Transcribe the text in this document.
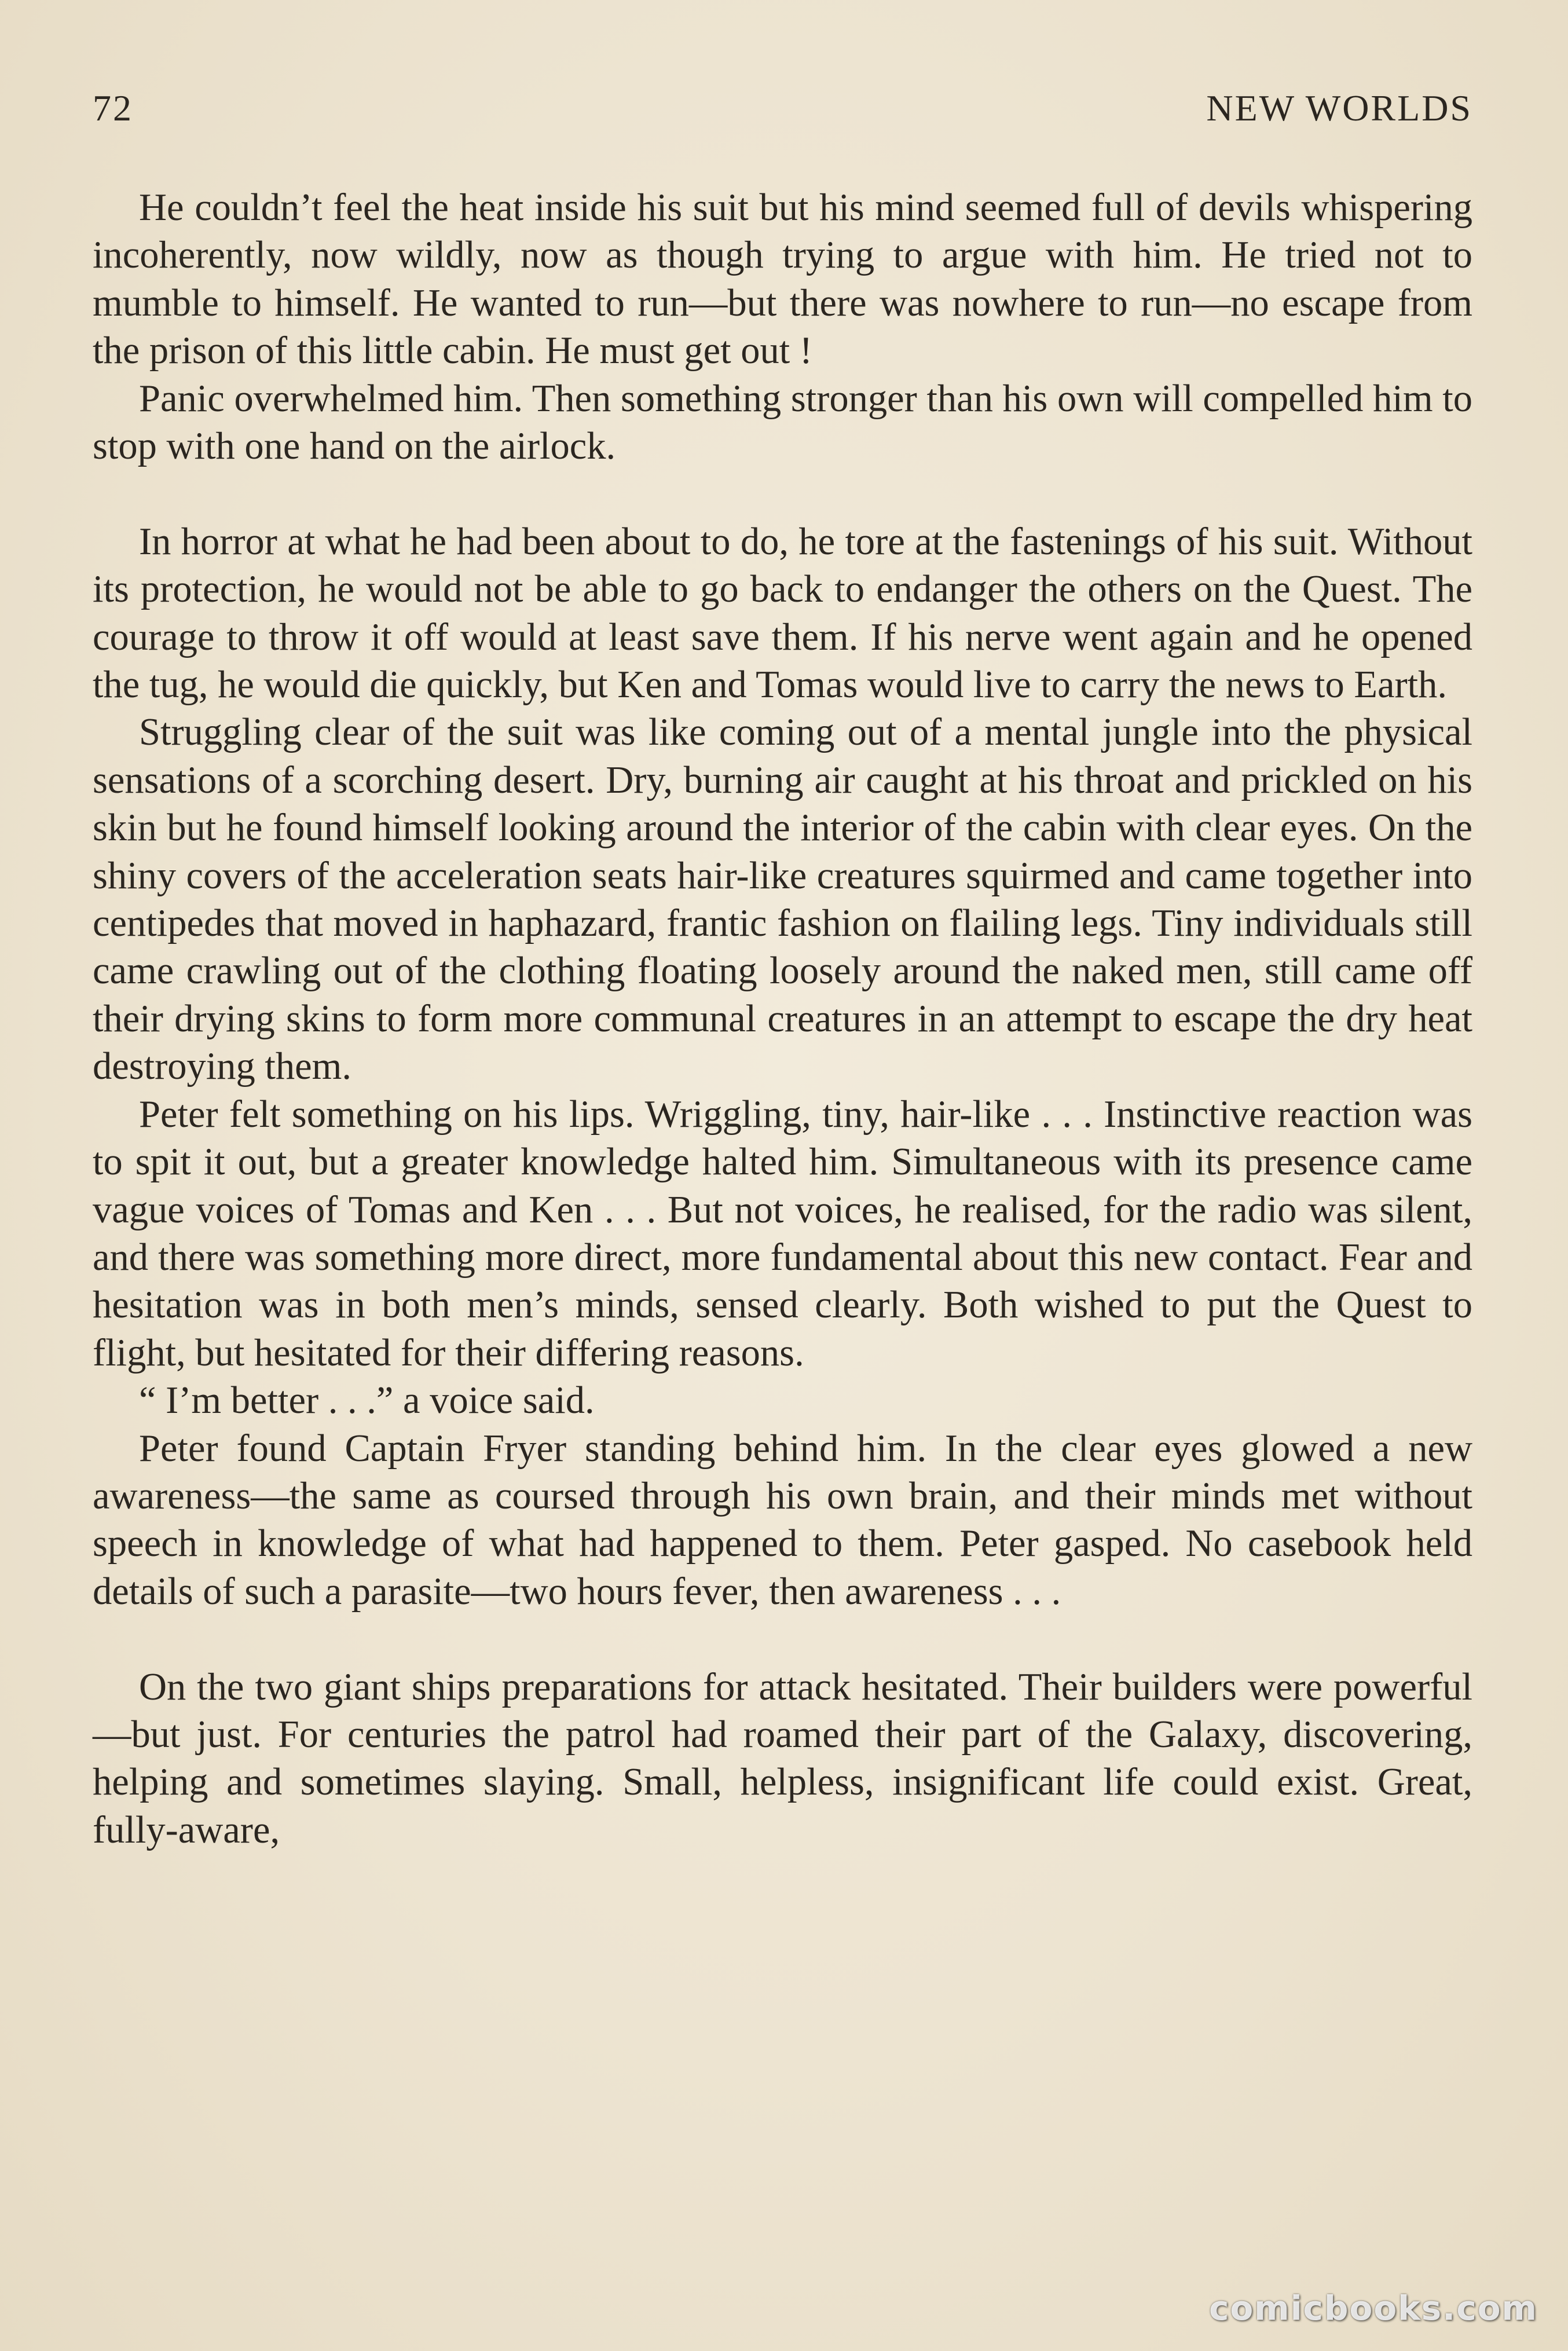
72	NEW WORLDS

He couldn’t feel the heat inside his suit but his mind seemed full of devils whispering incoherently, now wildly, now as though trying to argue with him. He tried not to mumble to himself. He wanted to run—but there was nowhere to run—no escape from the prison of this little cabin. He must get out !

Panic overwhelmed him. Then something stronger than his own will compelled him to stop with one hand on the airlock.

In horror at what he had been about to do, he tore at the fastenings of his suit. Without its protection, he would not be able to go back to endanger the others on the Quest. The courage to throw it off would at least save them. If his nerve went again and he opened the tug, he would die quickly, but Ken and Tomas would live to carry the news to Earth.

Struggling clear of the suit was like coming out of a mental jungle into the physical sensations of a scorching desert. Dry, burning air caught at his throat and prickled on his skin but he found himself looking around the interior of the cabin with clear eyes. On the shiny covers of the acceleration seats hair-like creatures squirmed and came together into centipedes that moved in haphazard, frantic fashion on flailing legs. Tiny individuals still came crawling out of the clothing floating loosely around the naked men, still came off their drying skins to form more communal creatures in an attempt to escape the dry heat destroying them.

Peter felt something on his lips. Wriggling, tiny, hair-like . . . Instinctive reaction was to spit it out, but a greater knowledge halted him. Simultaneous with its presence came vague voices of Tomas and Ken . . . But not voices, he realised, for the radio was silent, and there was something more direct, more fundamental about this new contact. Fear and hesitation was in both men’s minds, sensed clearly. Both wished to put the Quest to flight, but hesitated for their differing reasons.

“ I’m better . . .” a voice said.

Peter found Captain Fryer standing behind him. In the clear eyes glowed a new awareness—the same as coursed through his own brain, and their minds met without speech in knowledge of what had happened to them. Peter gasped. No casebook held details of such a parasite—two hours fever, then awareness . . .

On the two giant ships preparations for attack hesitated. Their builders were powerful—but just. For centuries the patrol had roamed their part of the Galaxy, discovering, helping and sometimes slaying. Small, helpless, insignificant life could exist. Great, fully-aware,

comicbooks.com
